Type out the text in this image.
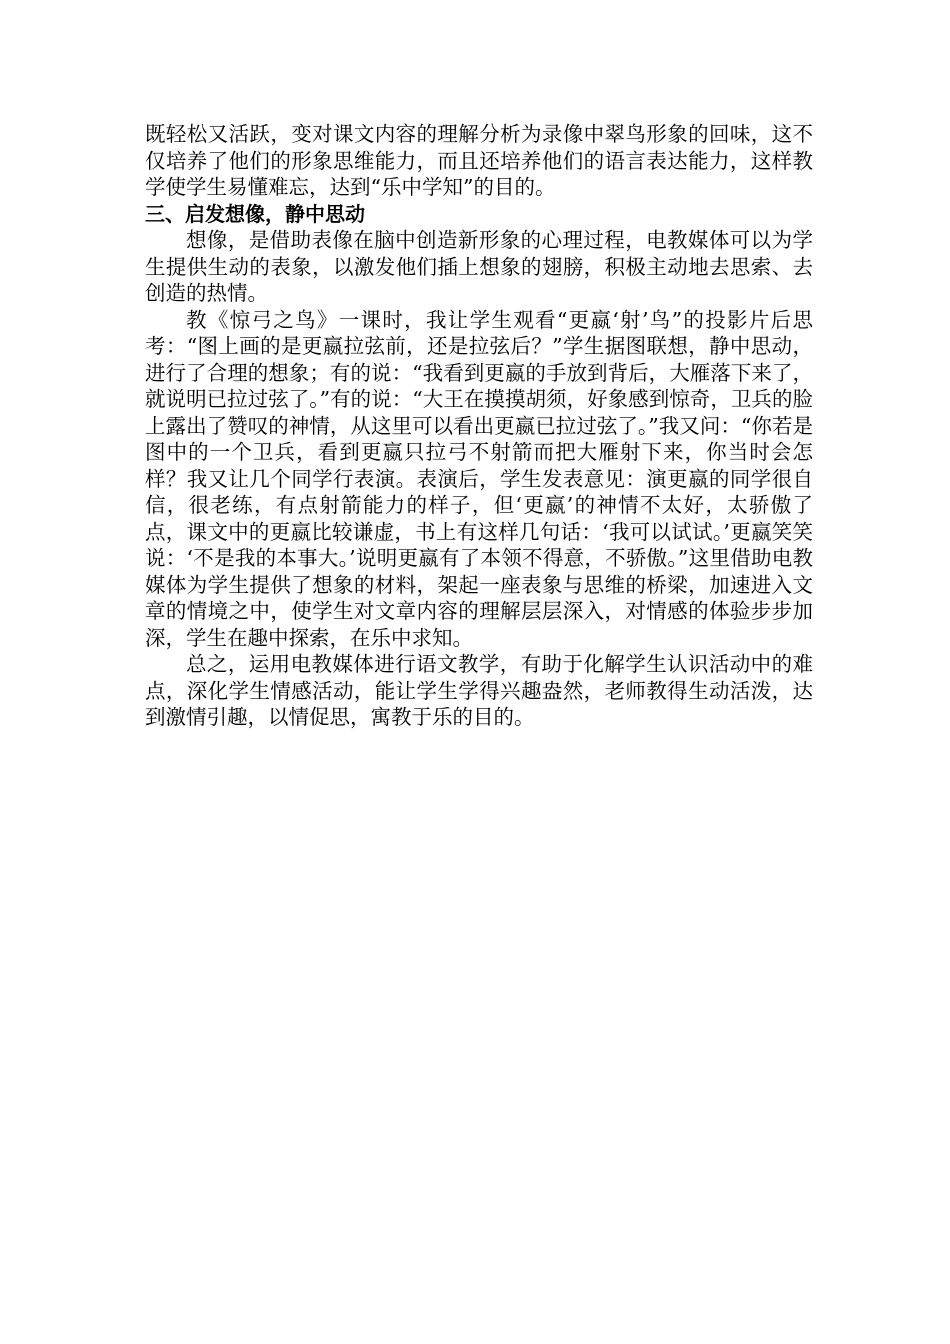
既轻松又活跃，变对课文内容的理解分析为录像中翠鸟形象的回味，这不仅培养了他们的形象思维能力，而且还培养他们的语言表达能力，这样教学使学生易懂难忘，达到“乐中学知”的目的。

三、启发想像，静中思动

想像，是借助表像在脑中创造新形象的心理过程，电教媒体可以为学生提供生动的表象，以激发他们插上想象的翅膀，积极主动地去思索、去创造的热情。

教《惊弓之鸟》一课时，我让学生观看“更嬴‘射’鸟”的投影片后思考：“图上画的是更嬴拉弦前，还是拉弦后？”学生据图联想，静中思动，进行了合理的想象；有的说：“我看到更嬴的手放到背后，大雁落下来了，就说明已拉过弦了。”有的说：“大王在摸摸胡须，好象感到惊奇，卫兵的脸上露出了赞叹的神情，从这里可以看出更嬴已拉过弦了。”我又问：“你若是图中的一个卫兵，看到更嬴只拉弓不射箭而把大雁射下来，你当时会怎样？我又让几个同学行表演。表演后，学生发表意见：演更嬴的同学很自信，很老练，有点射箭能力的样子，但‘更嬴’的神情不太好，太骄傲了点，课文中的更嬴比较谦虚，书上有这样几句话：‘我可以试试。’更嬴笑笑说：‘不是我的本事大。’说明更嬴有了本领不得意，不骄傲。”这里借助电教媒体为学生提供了想象的材料，架起一座表象与思维的桥梁，加速进入文章的情境之中，使学生对文章内容的理解层层深入，对情感的体验步步加深，学生在趣中探索，在乐中求知。

总之，运用电教媒体进行语文教学，有助于化解学生认识活动中的难点，深化学生情感活动，能让学生学得兴趣盎然，老师教得生动活泼，达到激情引趣，以情促思，寓教于乐的目的。
